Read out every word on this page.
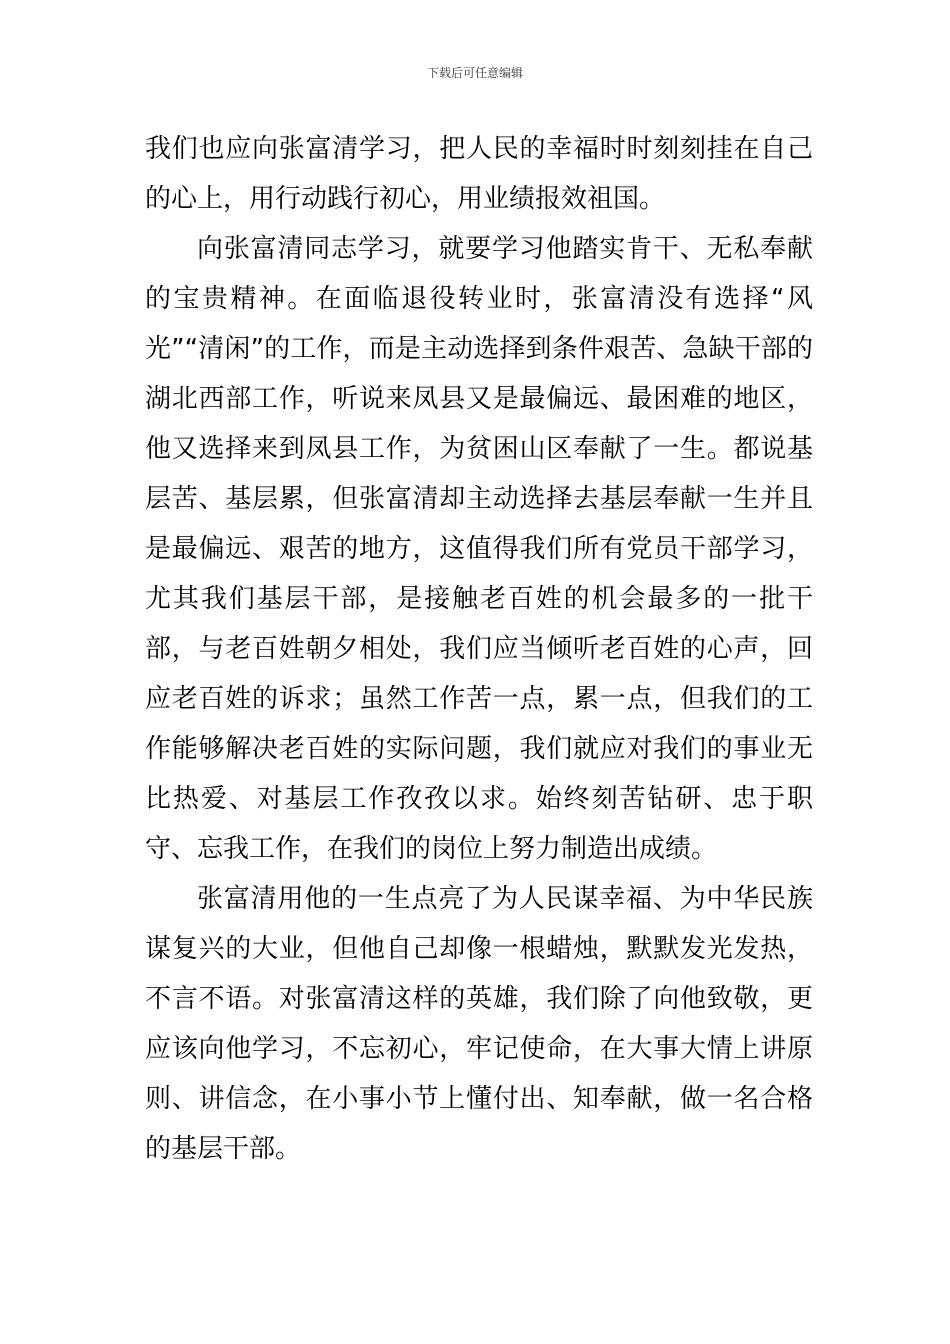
下载后可任意编辑

我们也应向张富清学习，把人民的幸福时时刻刻挂在自己的心上，用行动践行初心，用业绩报效祖国。

向张富清同志学习，就要学习他踏实肯干、无私奉献的宝贵精神。在面临退役转业时，张富清没有选择“风光”“清闲”的工作，而是主动选择到条件艰苦、急缺干部的湖北西部工作，听说来凤县又是最偏远、最困难的地区，他又选择来到凤县工作，为贫困山区奉献了一生。都说基层苦、基层累，但张富清却主动选择去基层奉献一生并且是最偏远、艰苦的地方，这值得我们所有党员干部学习，尤其我们基层干部，是接触老百姓的机会最多的一批干部，与老百姓朝夕相处，我们应当倾听老百姓的心声，回应老百姓的诉求；虽然工作苦一点，累一点，但我们的工作能够解决老百姓的实际问题，我们就应对我们的事业无比热爱、对基层工作孜孜以求。始终刻苦钻研、忠于职守、忘我工作，在我们的岗位上努力制造出成绩。

张富清用他的一生点亮了为人民谋幸福、为中华民族谋复兴的大业，但他自己却像一根蜡烛，默默发光发热，不言不语。对张富清这样的英雄，我们除了向他致敬，更应该向他学习，不忘初心，牢记使命，在大事大情上讲原则、讲信念，在小事小节上懂付出、知奉献，做一名合格的基层干部。
